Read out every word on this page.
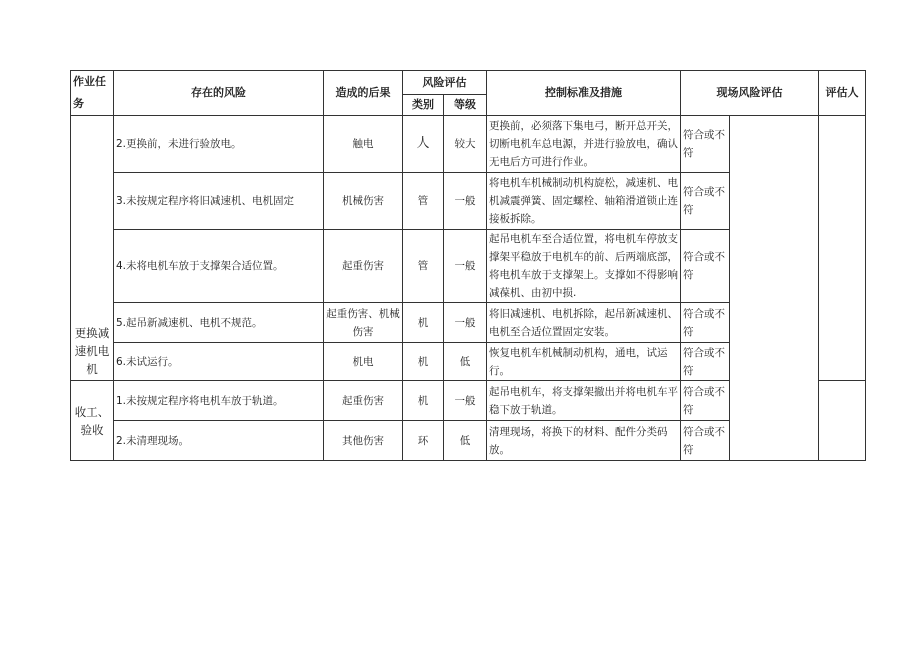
作业任务	存在的风险	造成的后果	风险评估		控制标准及措施	现场风险评估		评估人
			类别	等级				
更换减速机电机	2.更换前，未进行验放电。	触电	人	较大	更换前，必须落下集电弓，断开总开关，切断电机车总电源，并进行验放电，确认无电后方可进行作业。	符合或不符		
	3.未按规定程序将旧减速机、电机固定	机械伤害	管	一般	将电机车机械制动机构旋松，减速机、电机减震弹簧、固定螺栓、轴箱滑道锁止连接板拆除。	符合或不符		
	4.未将电机车放于支撑架合适位置。	起重伤害	管	一般	起吊电机车至合适位置，将电机车停放支撑架平稳放于电机车的前、后两端底部，将电机车放于支撑架上。支撑如不得影响减葆机、由初中损.	符合或不符		
	5.起吊新减速机、电机不规范。	起重伤害、机械伤害	机	一般	将旧减速机、电机拆除，起吊新减速机、电机至合适位置固定安装。	符合或不符		
	6.未试运行。	机电	机	低	恢复电机车机械制动机构，通电，试运行。	符合或不符		
收工、验收	1.未按规定程序将电机车放于轨道。	起重伤害	机	一般	起吊电机车，将支撑架撤出并将电机车平稳下放于轨道。	符合或不符		
	2.未清理现场。	其他伤害	环	低	清理现场，将换下的材料、配件分类码放。	符合或不符		
